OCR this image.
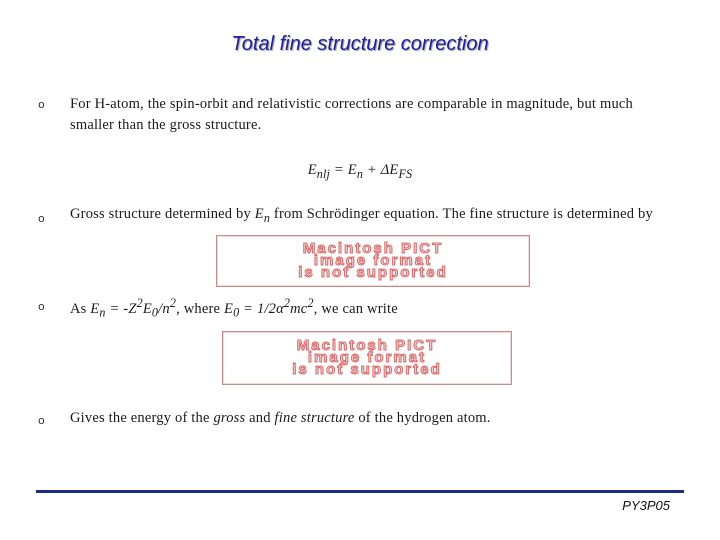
Total fine structure correction
o For H-atom, the spin-orbit and relativistic corrections are comparable in magnitude, but much smaller than the gross structure.
$E_{nlj} = E_n + \Delta E_{FS}$
o Gross structure determined by $E_n$ from Schrödinger equation. The fine structure is determined by
Macintosh PICT
image format
is not supported
o As $E_n = -Z^2E_0/n^2$, where $E_0 = 1/2\alpha^2mc^2$, we can write
Macintosh PICT
image format
is not supported
o Gives the energy of the gross and fine structure of the hydrogen atom.
PY3P05
